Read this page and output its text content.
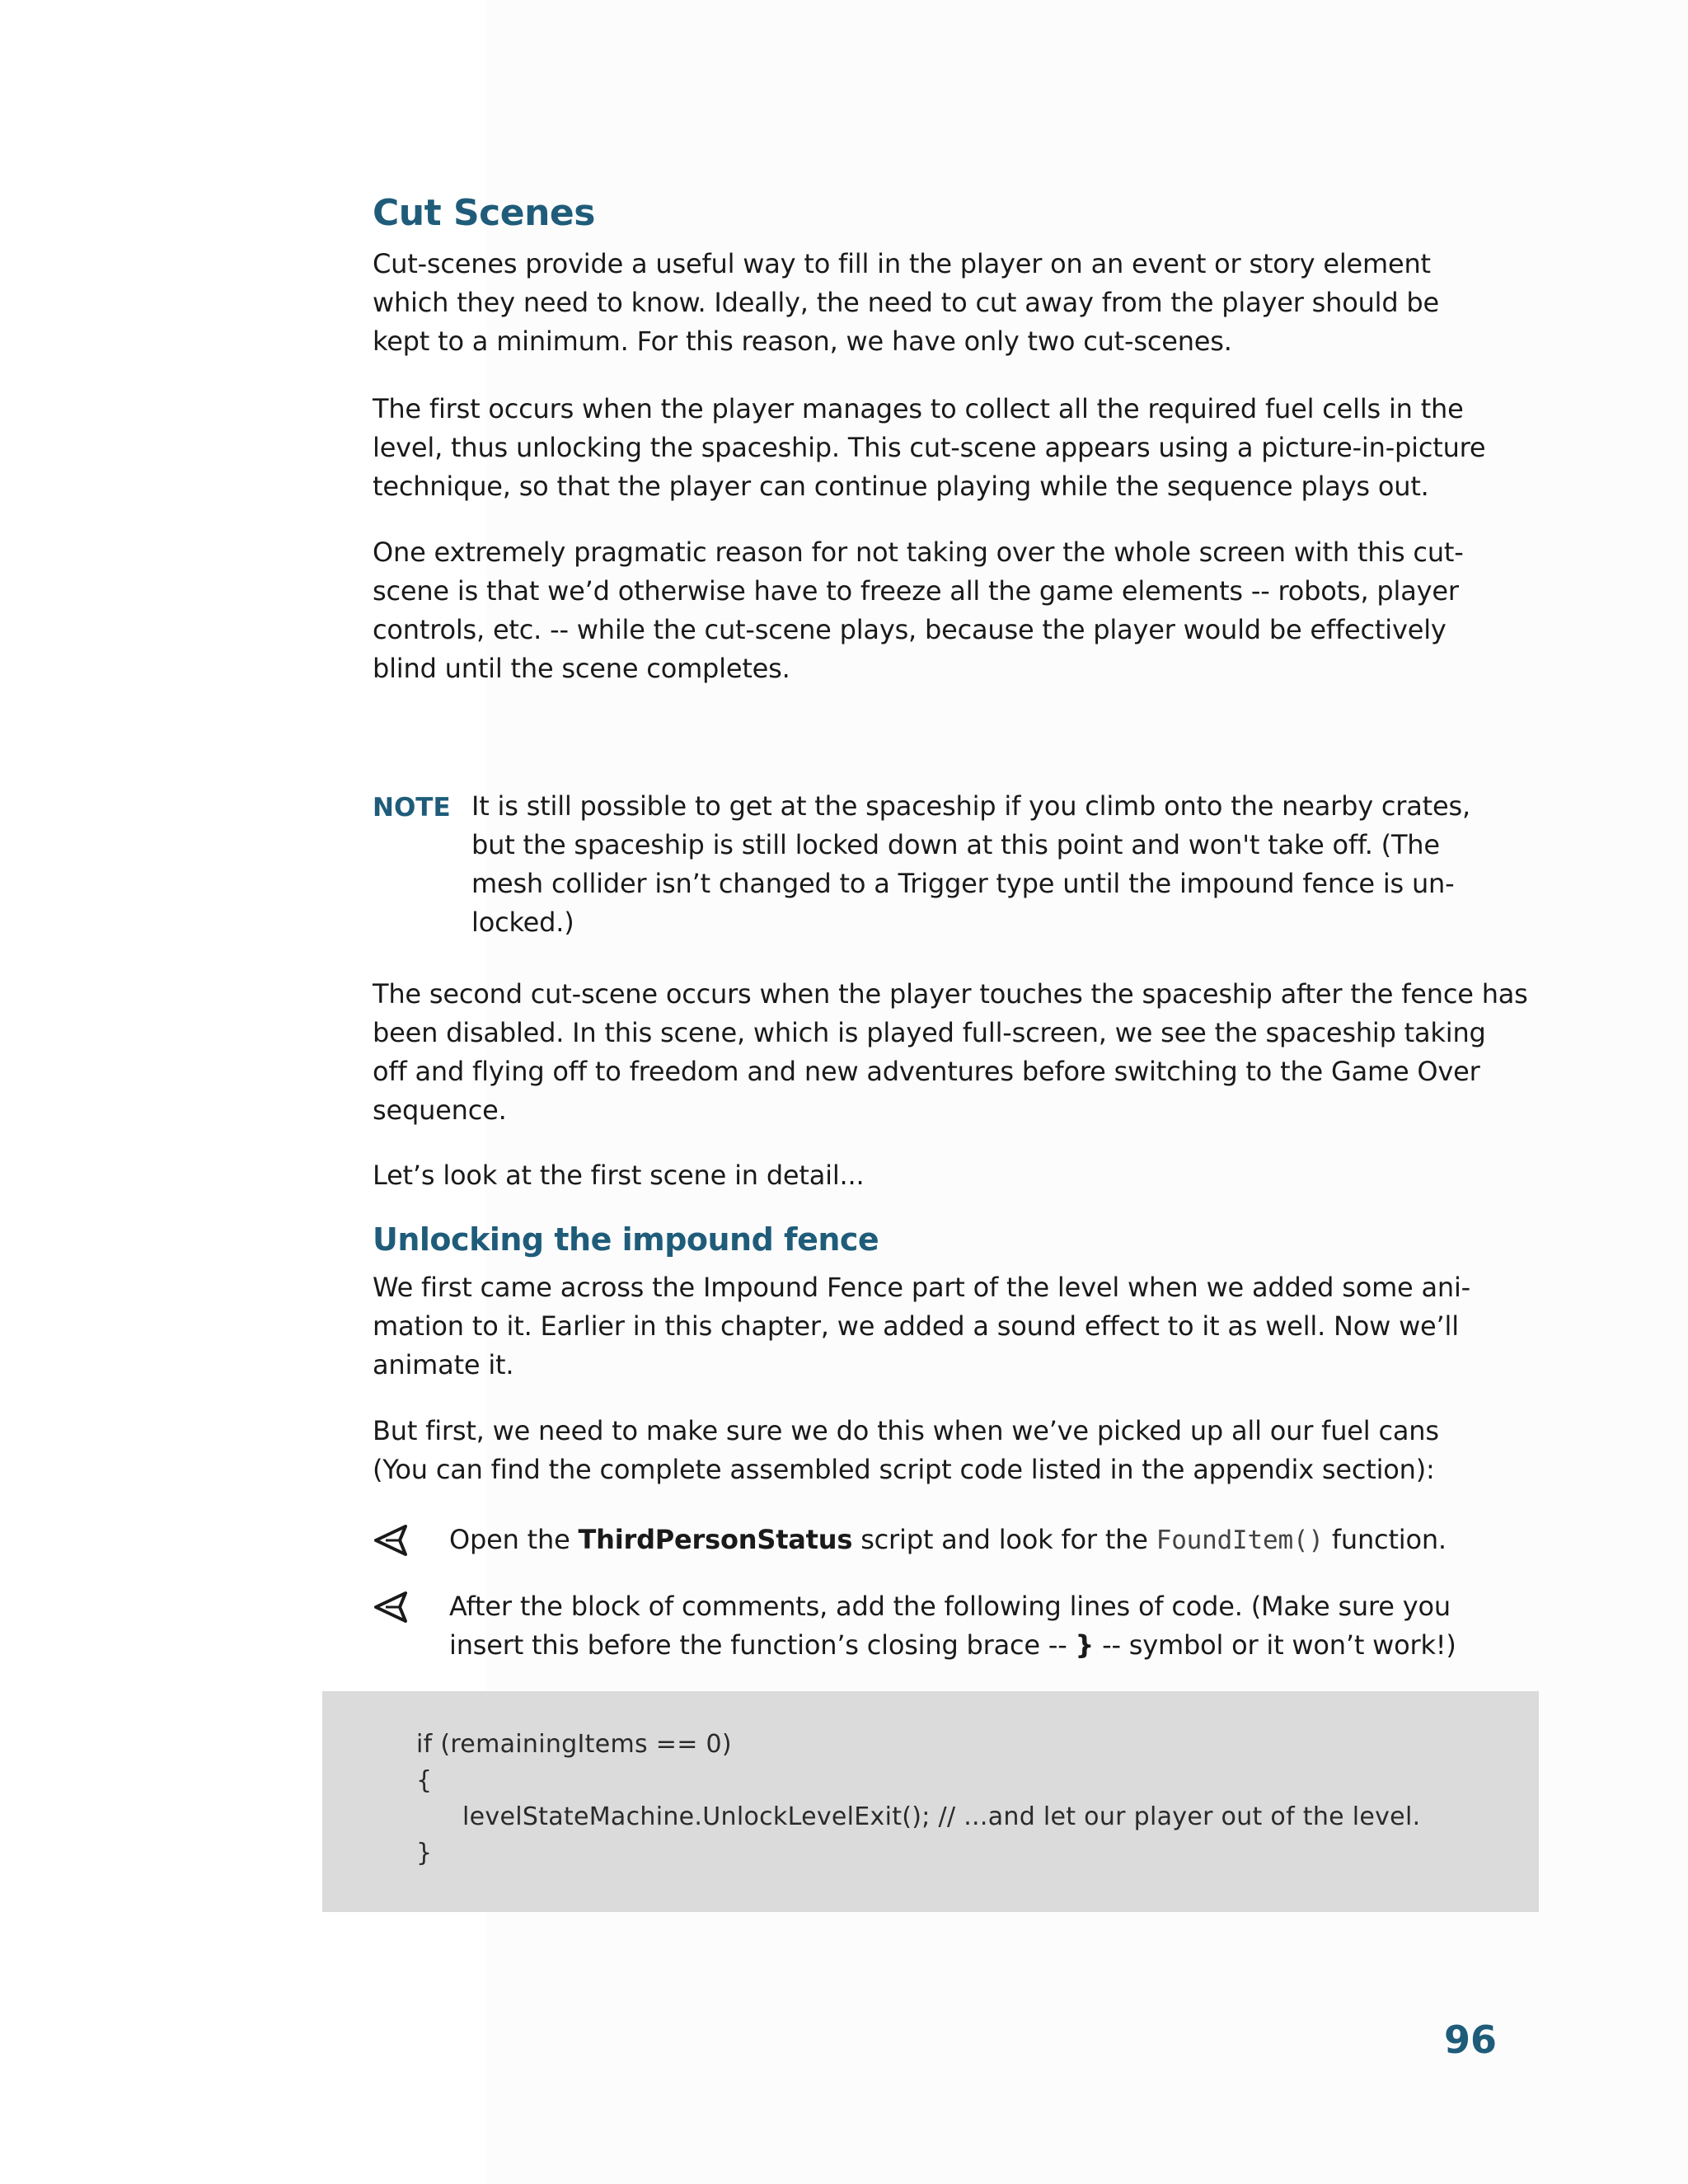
Cut Scenes
Cut-scenes provide a useful way to fill in the player on an event or story element
which they need to know. Ideally, the need to cut away from the player should be
kept to a minimum. For this reason, we have only two cut-scenes.
The first occurs when the player manages to collect all the required fuel cells in the
level, thus unlocking the spaceship. This cut-scene appears using a picture-in-picture
technique, so that the player can continue playing while the sequence plays out.
One extremely pragmatic reason for not taking over the whole screen with this cut-
scene is that we’d otherwise have to freeze all the game elements -- robots, player
controls, etc. -- while the cut-scene plays, because the player would be effectively
blind until the scene completes.
NOTE It is still possible to get at the spaceship if you climb onto the nearby crates,
but the spaceship is still locked down at this point and won't take off. (The
mesh collider isn’t changed to a Trigger type until the impound fence is un-
locked.)
The second cut-scene occurs when the player touches the spaceship after the fence has
been disabled. In this scene, which is played full-screen, we see the spaceship taking
off and flying off to freedom and new adventures before switching to the Game Over
sequence.
Let’s look at the first scene in detail...
Unlocking the impound fence
We first came across the Impound Fence part of the level when we added some ani-
mation to it. Earlier in this chapter, we added a sound effect to it as well. Now we’ll
animate it.
But first, we need to make sure we do this when we’ve picked up all our fuel cans
(You can find the complete assembled script code listed in the appendix section):
Open the ThirdPersonStatus script and look for the FoundItem() function.
After the block of comments, add the following lines of code. (Make sure you
insert this before the function’s closing brace -- } -- symbol or it won’t work!)
if (remainingItems == 0)
{
levelStateMachine.UnlockLevelExit(); // ...and let our player out of the level.
}
96
